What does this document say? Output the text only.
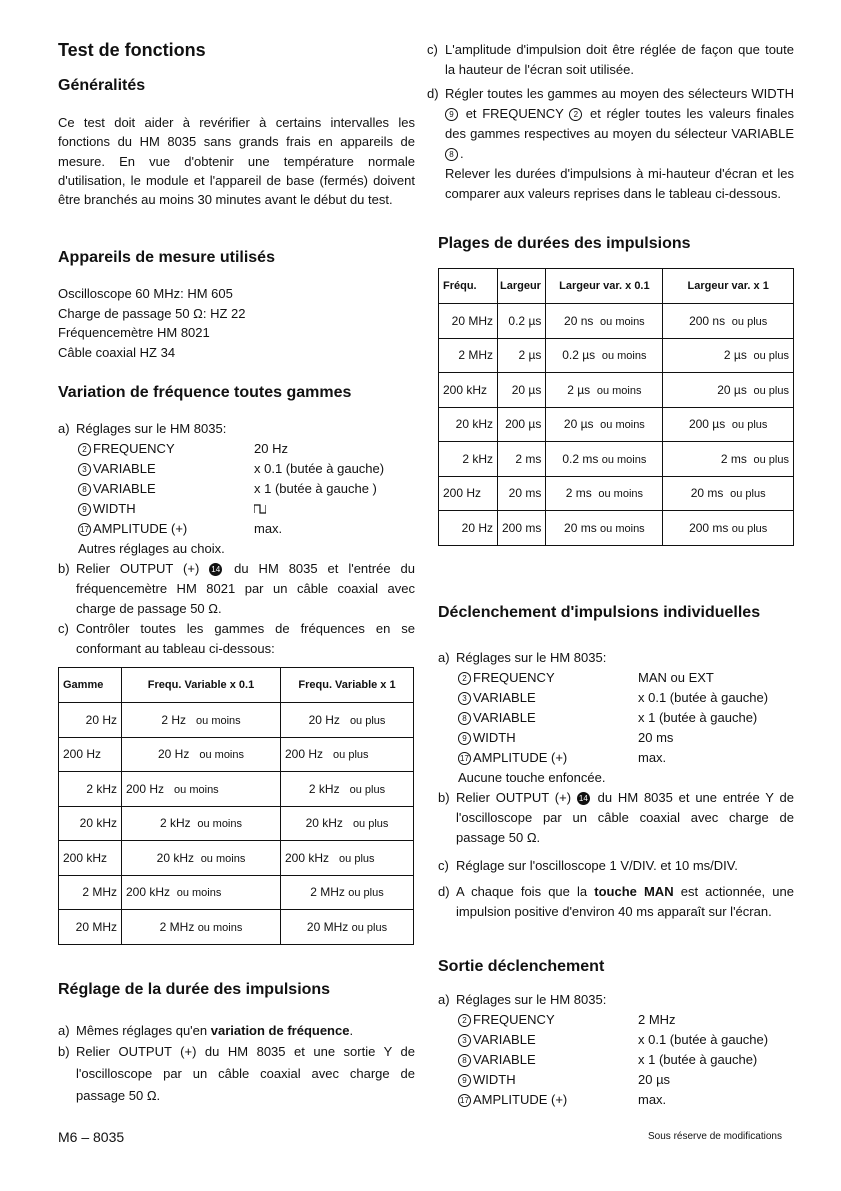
Test de fonctions
Généralités

Ce test doit aider à revérifier à certains intervalles les fonctions du HM 8035 sans grands frais en appareils de mesure. En vue d'obtenir une température normale d'utilisation, le module et l'appareil de base (fermés) doivent être branchés au moins 30 minutes avant le début du test.

Appareils de mesure utilisés
Oscilloscope 60 MHz: HM 605
Charge de passage 50 Ω: HZ 22
Fréquencemètre HM 8021
Câble coaxial HZ 34
Variation de fréquence toutes gammes
a) Réglages sur le HM 8035:
2 FREQUENCY	20 Hz
3 VARIABLE	x 0.1 (butée à gauche)
8 VARIABLE	x 1 (butée à gauche )
9 WIDTH
17 AMPLITUDE (+)	max.
Autres réglages au choix.
b) Relier OUTPUT (+) 14 du HM 8035 et l'entrée du fréquencemètre HM 8021 par un câble coaxial avec charge de passage 50 Ω.
c) Contrôler toutes les gammes de fréquences en se conformant au tableau ci-dessous:
Gamme	Frequ. Variable x 0.1	Frequ. Variable x 1
20 Hz	2 Hz ou moins	20 Hz ou plus
200 Hz	20 Hz ou moins	200 Hz ou plus
2 kHz	200 Hz ou moins	2 kHz ou plus
20 kHz	2 kHz ou moins	20 kHz ou plus
200 kHz	20 kHz ou moins	200 kHz ou plus
2 MHz	200 kHz ou moins	2 MHz ou plus
20 MHz	2 MHz ou moins	20 MHz ou plus
Réglage de la durée des impulsions
a) Mêmes réglages qu'en variation de fréquence.
b) Relier OUTPUT (+) du HM 8035 et une sortie Y de l'oscilloscope par un câble coaxial avec charge de passage 50 Ω.
M6 – 8035
c) L'amplitude d'impulsion doit être réglée de façon que toute la hauteur de l'écran soit utilisée.
d) Régler toutes les gammes au moyen des sélecteurs WIDTH 9 et FREQUENCY 2 et régler toutes les valeurs finales des gammes respectives au moyen du sélecteur VARIABLE 8 .
Relever les durées d'impulsions à mi-hauteur d'écran et les comparer aux valeurs reprises dans le tableau ci-dessous.
Plages de durées des impulsions
Fréqu.	Largeur	Largeur var. x 0.1	Largeur var. x 1
20 MHz	0.2 µs	20 ns ou moins	200 ns ou plus
2 MHz	2 µs	0.2 µs ou moins	2 µs ou plus
200 kHz	20 µs	2 µs ou moins	20 µs ou plus
20 kHz	200 µs	20 µs ou moins	200 µs ou plus
2 kHz	2 ms	0.2 ms ou moins	2 ms ou plus
200 Hz	20 ms	2 ms ou moins	20 ms ou plus
20 Hz	200 ms	20 ms ou moins	200 ms ou plus
Déclenchement d'impulsions individuelles
a) Réglages sur le HM 8035:
2 FREQUENCY	MAN ou EXT
3 VARIABLE	x 0.1 (butée à gauche)
8 VARIABLE	x 1 (butée à gauche)
9 WIDTH	20 ms
17 AMPLITUDE (+)	max.
Aucune touche enfoncée.
b) Relier OUTPUT (+) 14 du HM 8035 et une entrée Y de l'oscilloscope par un câble coaxial avec charge de passage 50 Ω.
c) Réglage sur l'oscilloscope 1 V/DIV. et 10 ms/DIV.
d) A chaque fois que la touche MAN est actionnée, une impulsion positive d'environ 40 ms apparaît sur l'écran.
Sortie déclenchement
a) Réglages sur le HM 8035:
2 FREQUENCY	2 MHz
3 VARIABLE	x 0.1 (butée à gauche)
8 VARIABLE	x 1 (butée à gauche)
9 WIDTH	20 µs
17 AMPLITUDE (+)	max.
Sous réserve de modifications
